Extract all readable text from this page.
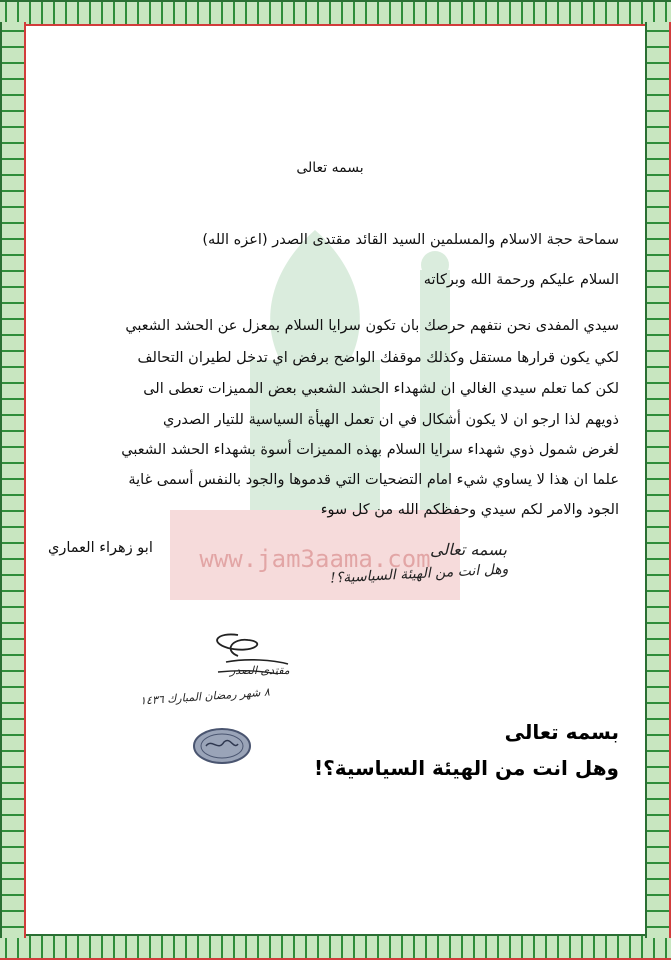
www.jam3aama.com
بسمه تعالى
سماحة حجة الاسلام والمسلمين السيد القائد مقتدى الصدر (اعزه الله)
السلام عليكم ورحمة الله وبركاته
سيدي المفدى نحن نتفهم حرصك بان تكون سرايا السلام بمعزل عن الحشد الشعبي
لكي يكون قرارها مستقل وكذلك موقفك الواضح برفض اي تدخل لطيران التحالف
لكن كما تعلم سيدي الغالي ان لشهداء الحشد الشعبي بعض المميزات تعطى الى
ذويهم لذا ارجو ان لا يكون أشكال في ان تعمل الهيأة السياسية للتيار الصدري
لغرض شمول ذوي شهداء سرايا السلام بهذه المميزات أسوة بشهداء الحشد الشعبي
علما ان هذا لا يساوي شيء امام التضحيات التي قدموها والجود بالنفس أسمى غاية
الجود والامر لكم سيدي وحفظكم الله من كل سوء
ابو زهراء العماري	بسمه تعالى
وهل انت من الهيئة السياسية؟!
مقتدى الصدر
٨ شهر رمضان المبارك ١٤٣٦
بسمه تعالى
وهل انت من الهيئة السياسية؟!
